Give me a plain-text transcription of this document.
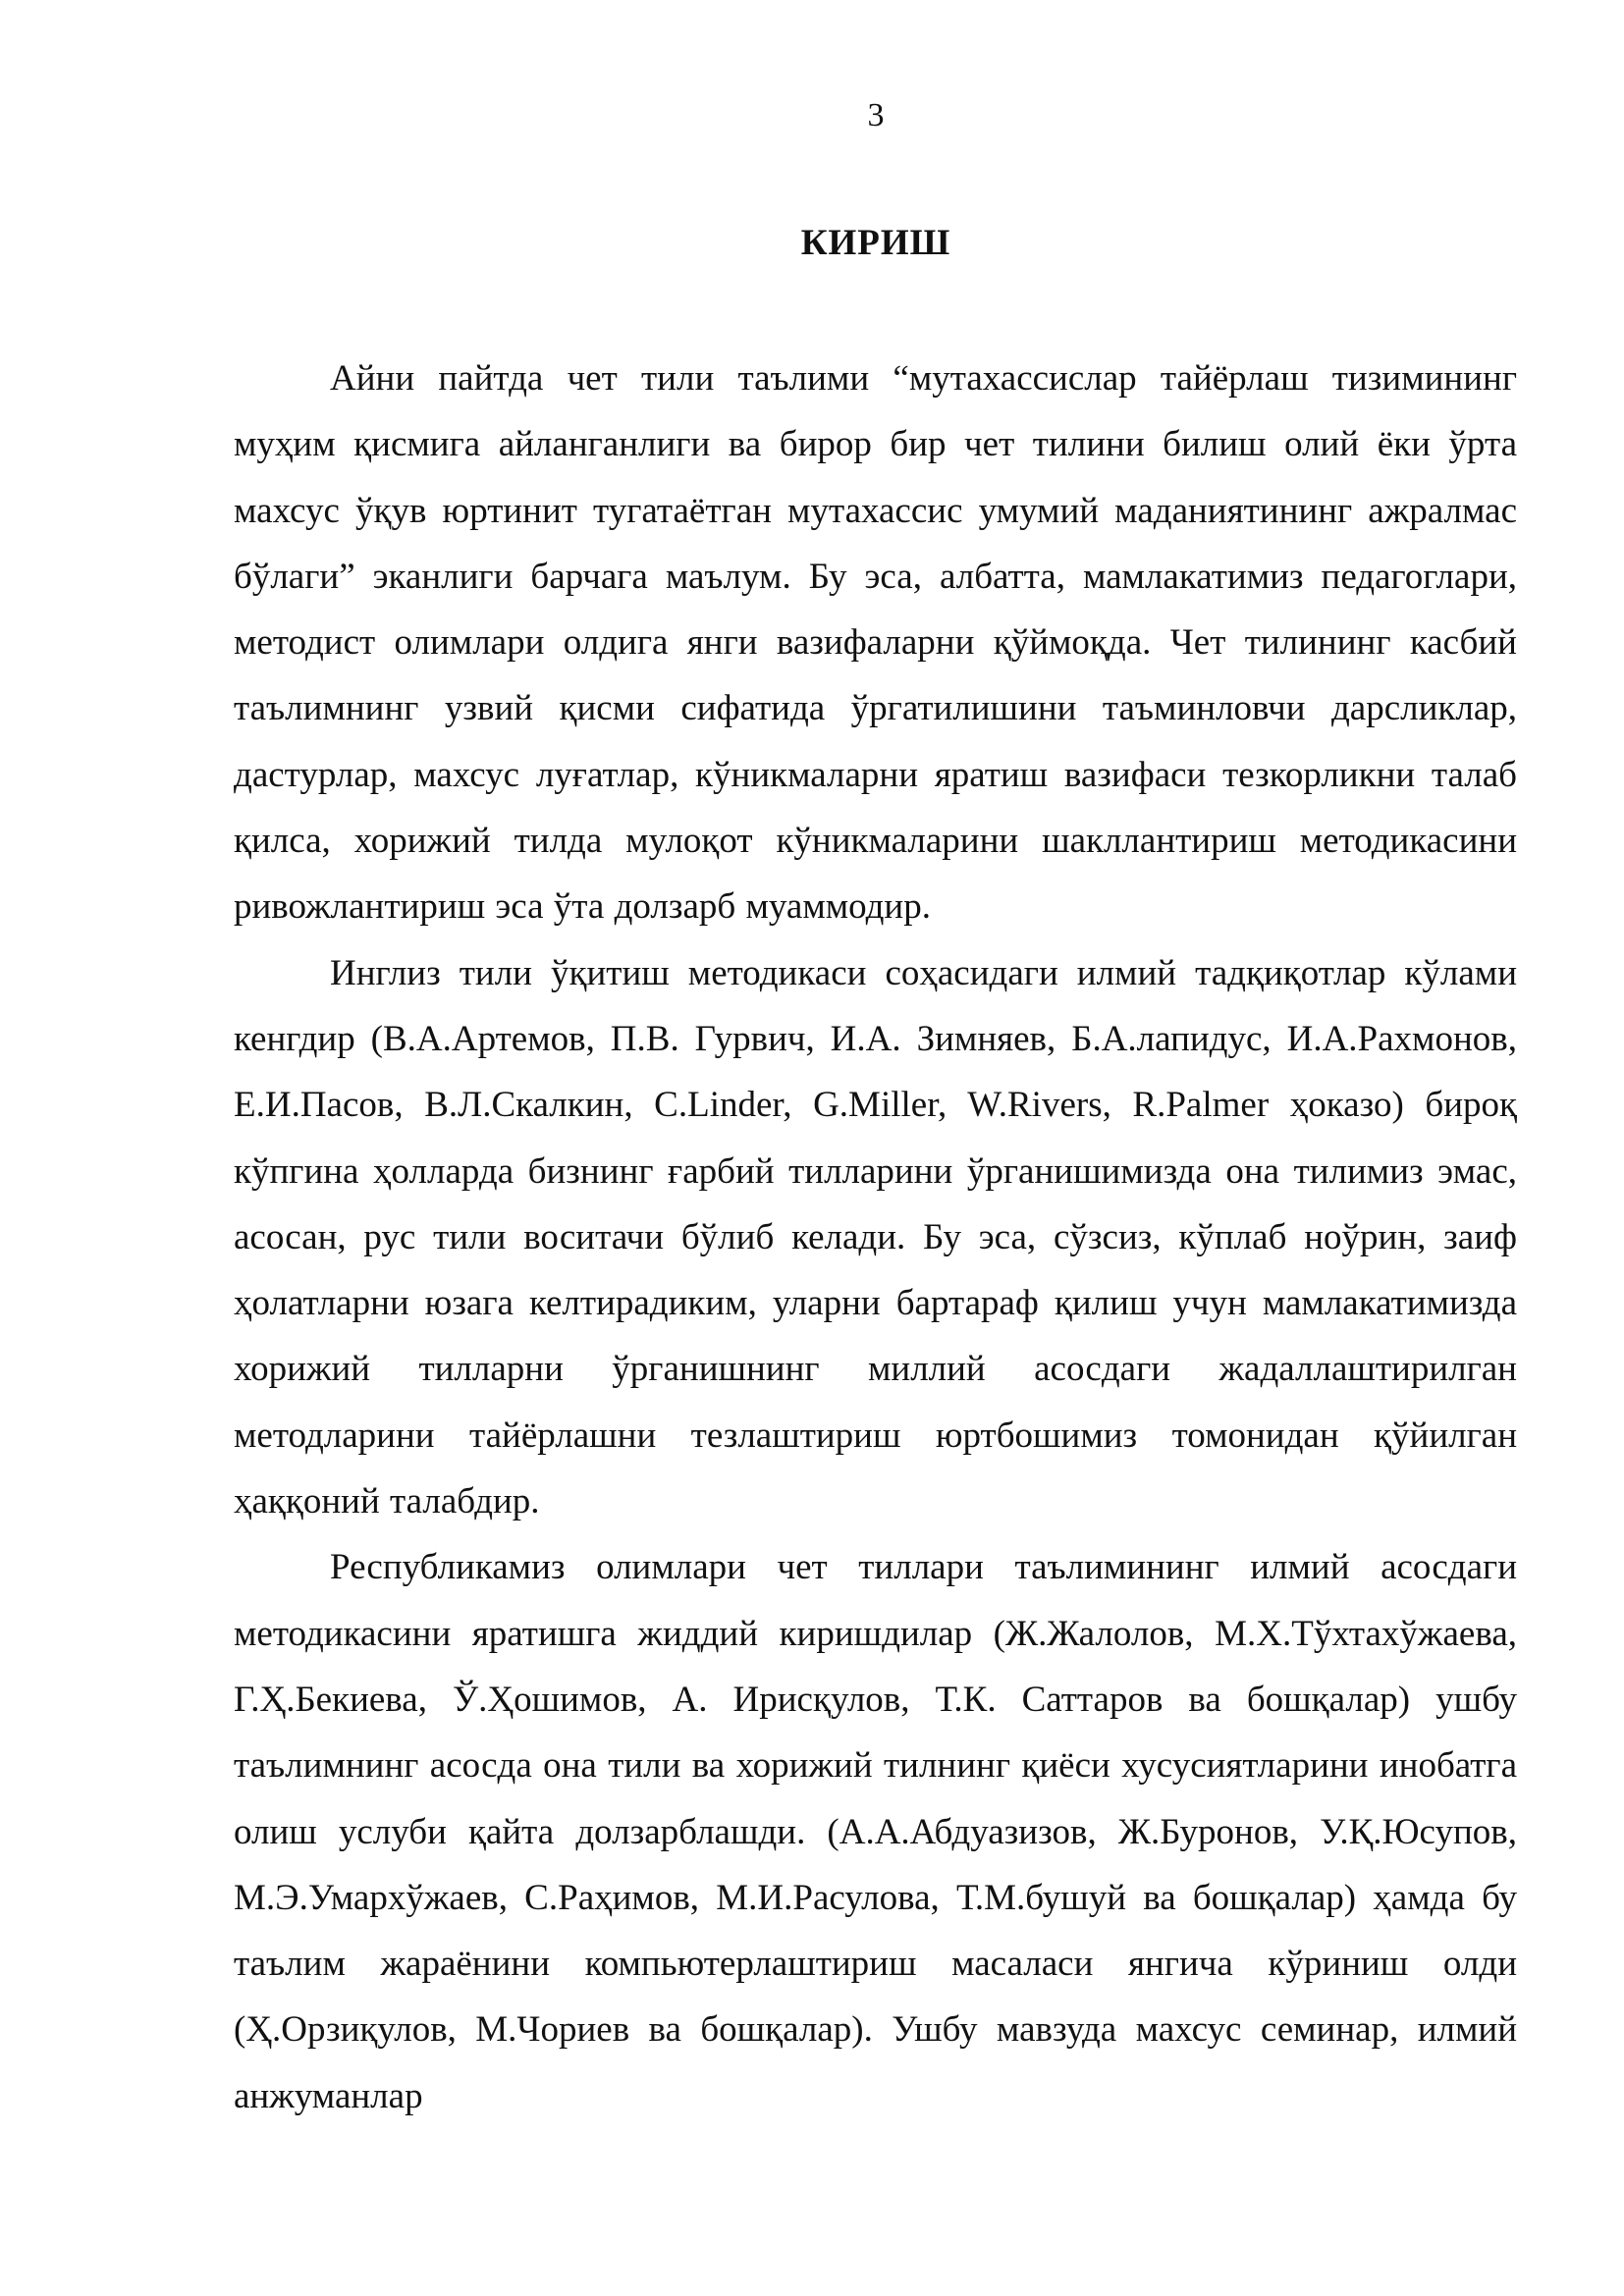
3
КИРИШ

Айни пайтда чет тили таълими “мутахассислар тайёрлаш тизимининг муҳим қисмига айланганлиги ва бирор бир чет тилини билиш олий ёки ўрта махсус ўқув юртинит тугатаётган мутахассис умумий маданиятининг ажралмас бўлаги” эканлиги барчага маълум. Бу эса, албатта, мамлакатимиз педагоглари, методист олимлари олдига янги вазифаларни қўймоқда. Чет тилининг касбий таълимнинг узвий қисми сифатида ўргатилишини таъминловчи дарсликлар, дастурлар, махсус луғатлар, кўникмаларни яратиш вазифаси тезкорликни талаб қилса, хорижий тилда мулоқот кўникмаларини шакллантириш методикасини ривожлантириш эса ўта долзарб муаммодир.

Инглиз тили ўқитиш методикаси соҳасидаги илмий тадқиқотлар кўлами кенгдир (В.А.Артемов, П.В. Гурвич, И.А. Зимняев, Б.А.лапидус, И.А.Рахмонов, Е.И.Пасов, В.Л.Скалкин, C.Linder, G.Miller, W.Rivers, R.Palmer ҳоказо) бироқ кўпгина ҳолларда бизнинг ғарбий тилларини ўрганишимизда она тилимиз эмас, асосан, рус тили воситачи бўлиб келади. Бу эса, сўзсиз, кўплаб ноўрин, заиф ҳолатларни юзага келтирадиким, уларни бартараф қилиш учун мамлакатимизда хорижий тилларни ўрганишнинг миллий асосдаги жадаллаштирилган методларини тайёрлашни тезлаштириш юртбошимиз томонидан қўйилган ҳаққоний талабдир.

Республикамиз олимлари чет тиллари таълимининг илмий асосдаги методикасини яратишга жиддий киришдилар (Ж.Жалолов, М.Х.Тўхтахўжаева, Г.Ҳ.Бекиева, Ў.Ҳошимов, А. Ирисқулов, Т.К. Саттаров ва бошқалар) ушбу таълимнинг асосда она тили ва хорижий тилнинг қиёси хусусиятларини инобатга олиш услуби қайта долзарблашди. (А.А.Абдуазизов, Ж.Буронов, У.Қ.Юсупов, М.Э.Умархўжаев, С.Раҳимов, М.И.Расулова, Т.М.бушуй ва бошқалар) ҳамда бу таълим жараёнини компьютерлаштириш масаласи янгича кўриниш олди (Ҳ.Орзиқулов, М.Чориев ва бошқалар). Ушбу мавзуда махсус семинар, илмий анжуманлар
